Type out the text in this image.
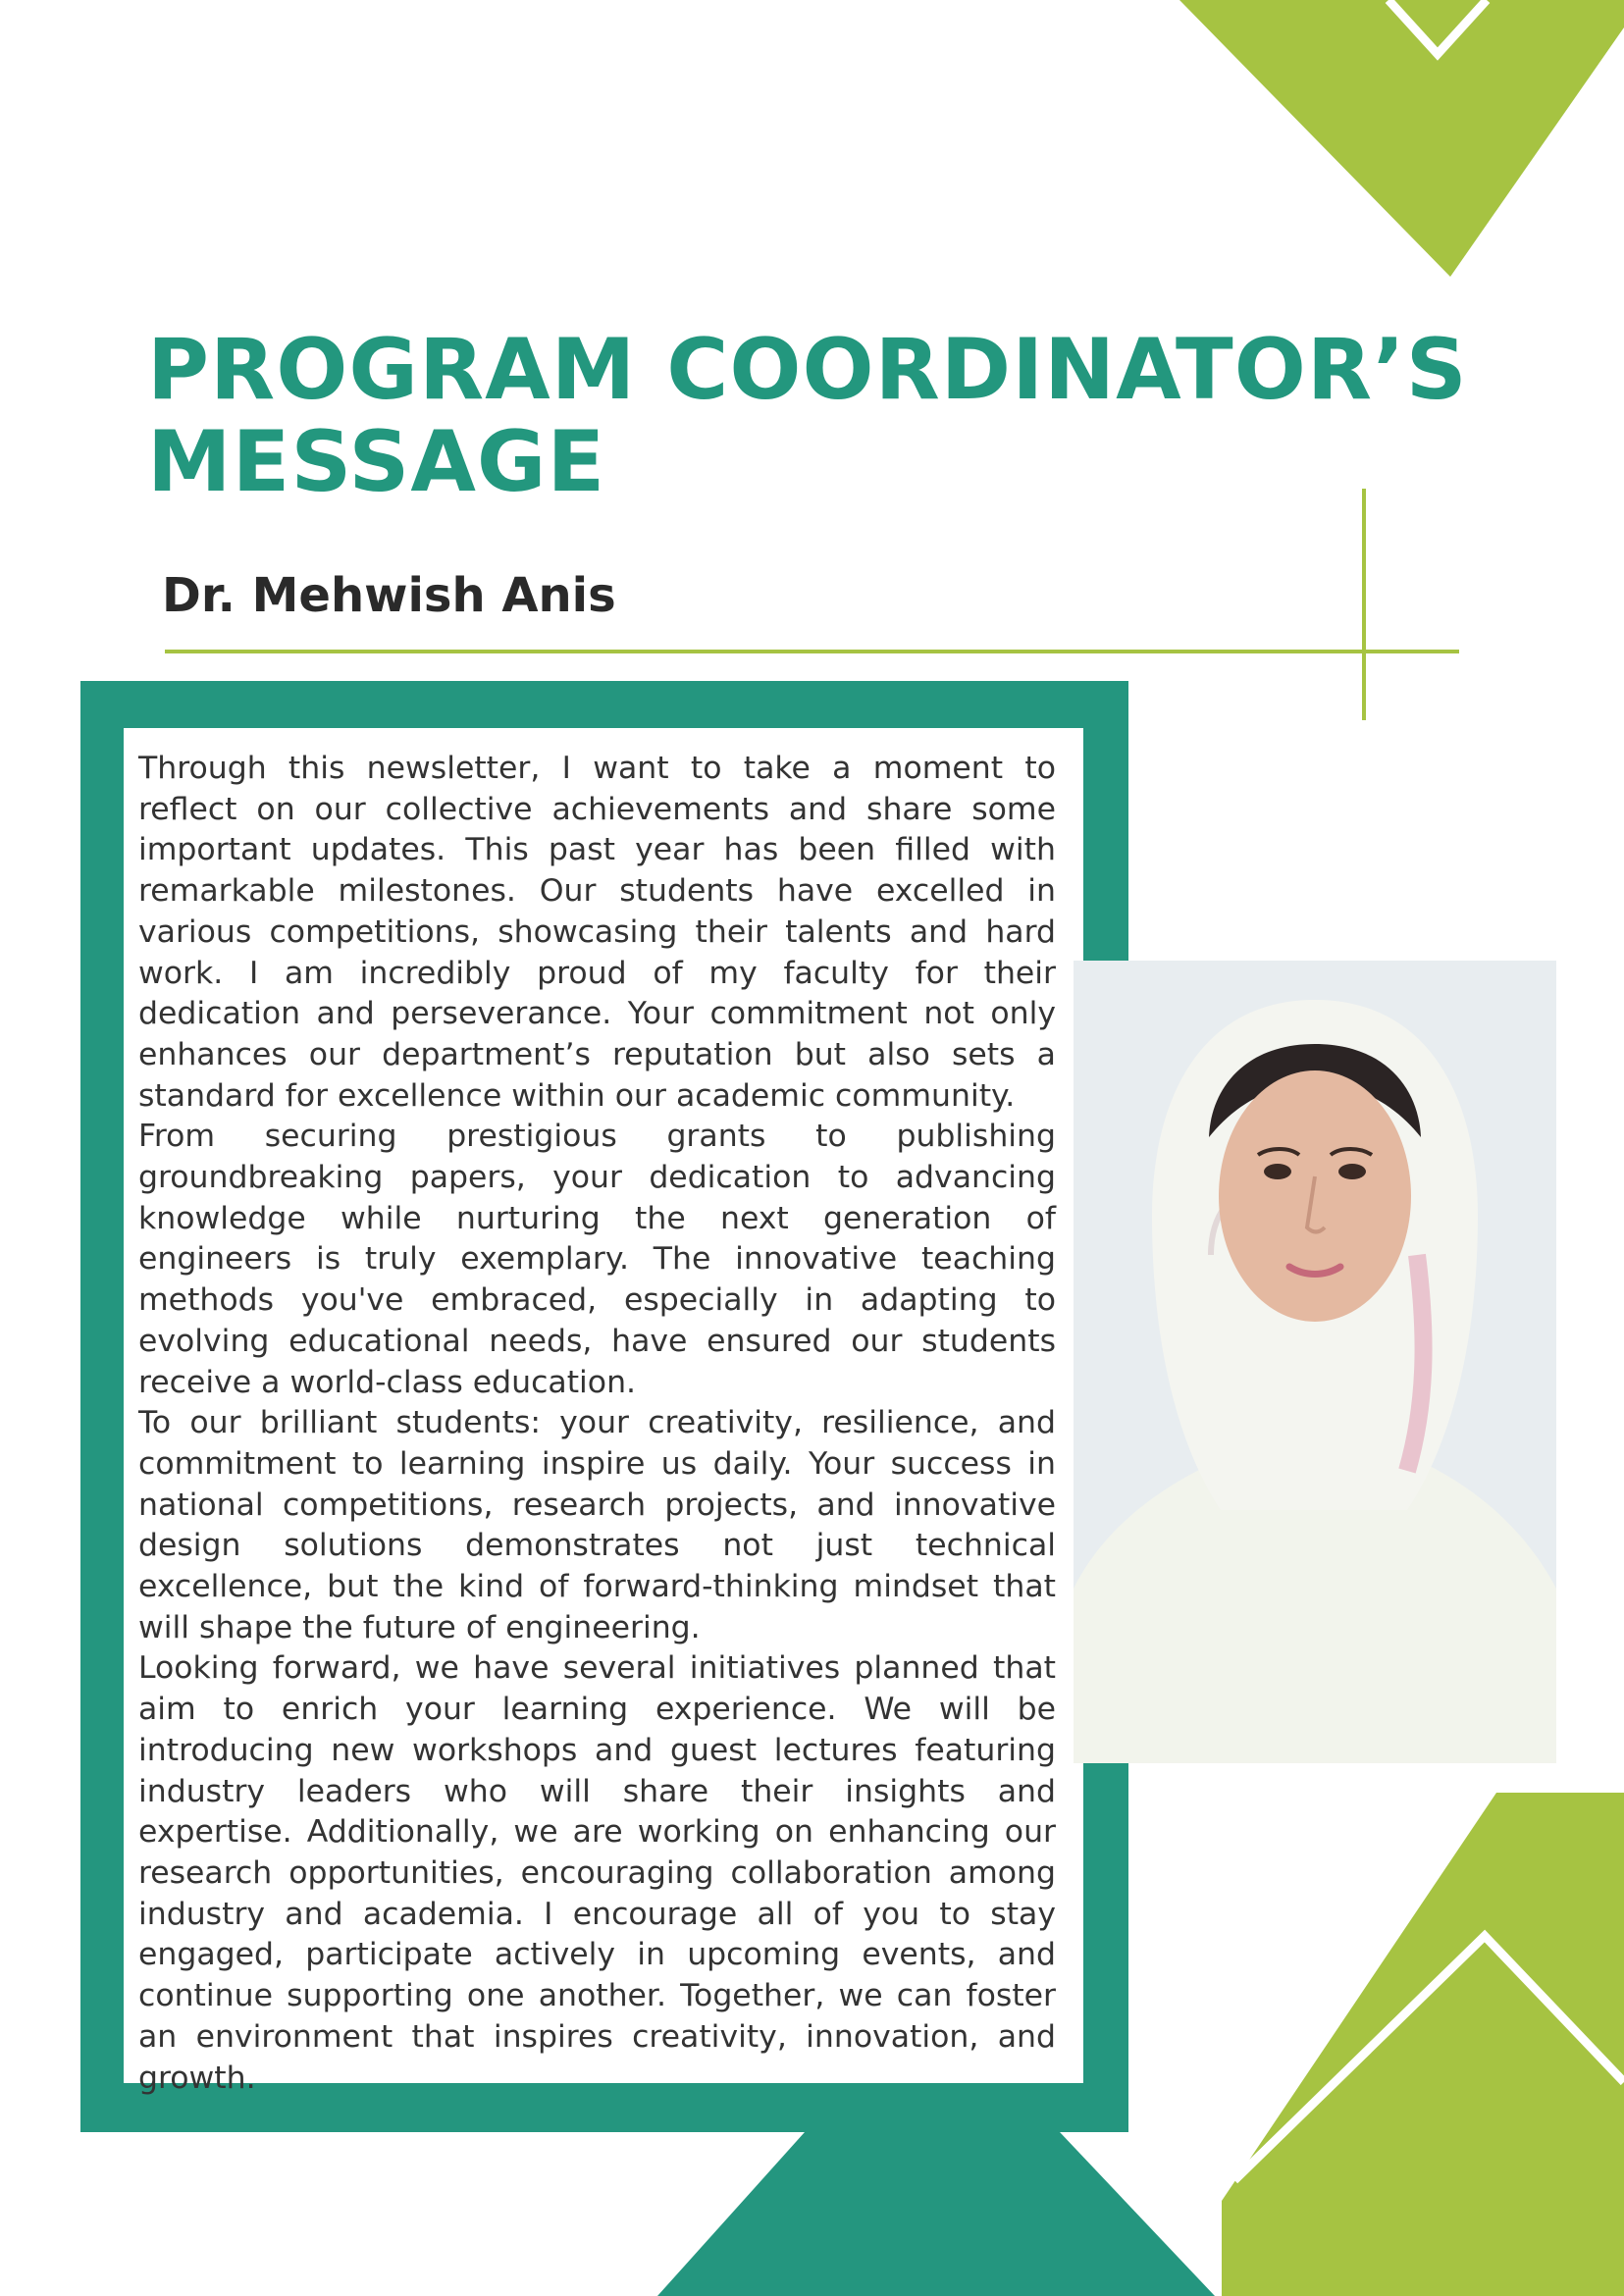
PROGRAM COORDINATOR’S
MESSAGE
Dr. Mehwish Anis

Through this newsletter, I want to take a moment to reflect on our collective achievements and share some important updates. This past year has been filled with remarkable milestones. Our students have excelled in various competitions, showcasing their talents and hard work. I am incredibly proud of my faculty for their dedication and perseverance. Your commitment not only enhances our department’s reputation but also sets a standard for excellence within our academic community.

From securing prestigious grants to publishing groundbreaking papers, your dedication to advancing knowledge while nurturing the next generation of engineers is truly exemplary. The innovative teaching methods you've embraced, especially in adapting to evolving educational needs, have ensured our students receive a world-class education.

To our brilliant students: your creativity, resilience, and commitment to learning inspire us daily. Your success in national competitions, research projects, and innovative design solutions demonstrates not just technical excellence, but the kind of forward-thinking mindset that will shape the future of engineering.

Looking forward, we have several initiatives planned that aim to enrich your learning experience. We will be introducing new workshops and guest lectures featuring industry leaders who will share their insights and expertise. Additionally, we are working on enhancing our research opportunities, encouraging collaboration among industry and academia. I encourage all of you to stay engaged, participate actively in upcoming events, and continue supporting one another. Together, we can foster an environment that inspires creativity, innovation, and growth.
